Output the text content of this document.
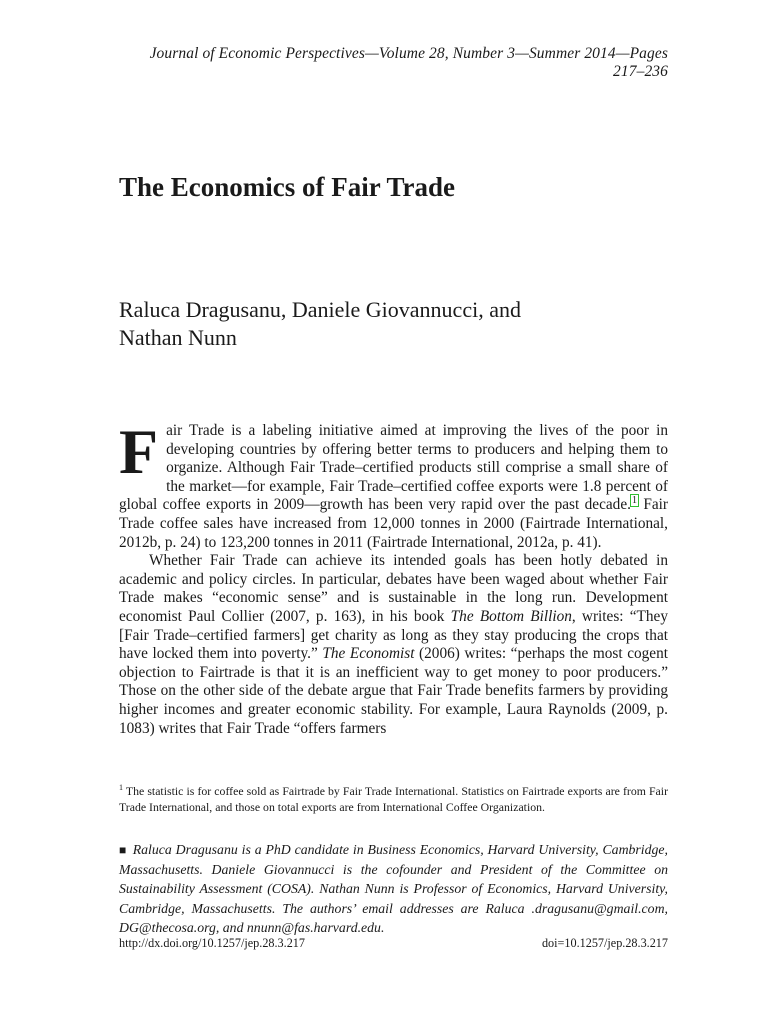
Journal of Economic Perspectives—Volume 28, Number 3—Summer 2014—Pages 217–236
The Economics of Fair Trade
Raluca Dragusanu, Daniele Giovannucci, and
Nathan Nunn

Fair Trade is a labeling initiative aimed at improving the lives of the poor in developing countries by offering better terms to producers and helping them to organize. Although Fair Trade–certified products still comprise a small share of the market—for example, Fair Trade–certified coffee exports were 1.8 percent of global coffee exports in 2009—growth has been very rapid over the past decade.$^1$ Fair Trade coffee sales have increased from 12,000 tonnes in 2000 (Fairtrade International, 2012b, p. 24) to 123,200 tonnes in 2011 (Fairtrade International, 2012a, p. 41).

Whether Fair Trade can achieve its intended goals has been hotly debated in academic and policy circles. In particular, debates have been waged about whether Fair Trade makes “economic sense” and is sustainable in the long run. Development economist Paul Collier (2007, p. 163), in his book The Bottom Billion, writes: “They [Fair Trade–certified farmers] get charity as long as they stay producing the crops that have locked them into poverty.” The Economist (2006) writes: “perhaps the most cogent objection to Fairtrade is that it is an inefficient way to get money to poor producers.” Those on the other side of the debate argue that Fair Trade benefits farmers by providing higher incomes and greater economic stability. For example, Laura Raynolds (2009, p. 1083) writes that Fair Trade “offers farmers

$^1$ The statistic is for coffee sold as Fairtrade by Fair Trade International. Statistics on Fairtrade exports are from Fair Trade International, and those on total exports are from International Coffee Organization.
■ Raluca Dragusanu is a PhD candidate in Business Economics, Harvard University, Cambridge, Massachusetts. Daniele Giovannucci is the cofounder and President of the Committee on Sustainability Assessment (COSA). Nathan Nunn is Professor of Economics, Harvard University, Cambridge, Massachusetts. The authors’ email addresses are Raluca .dragusanu@gmail.com, DG@thecosa.org, and nnunn@fas.harvard.edu.
http://dx.doi.org/10.1257/jep.28.3.217	doi=10.1257/jep.28.3.217
